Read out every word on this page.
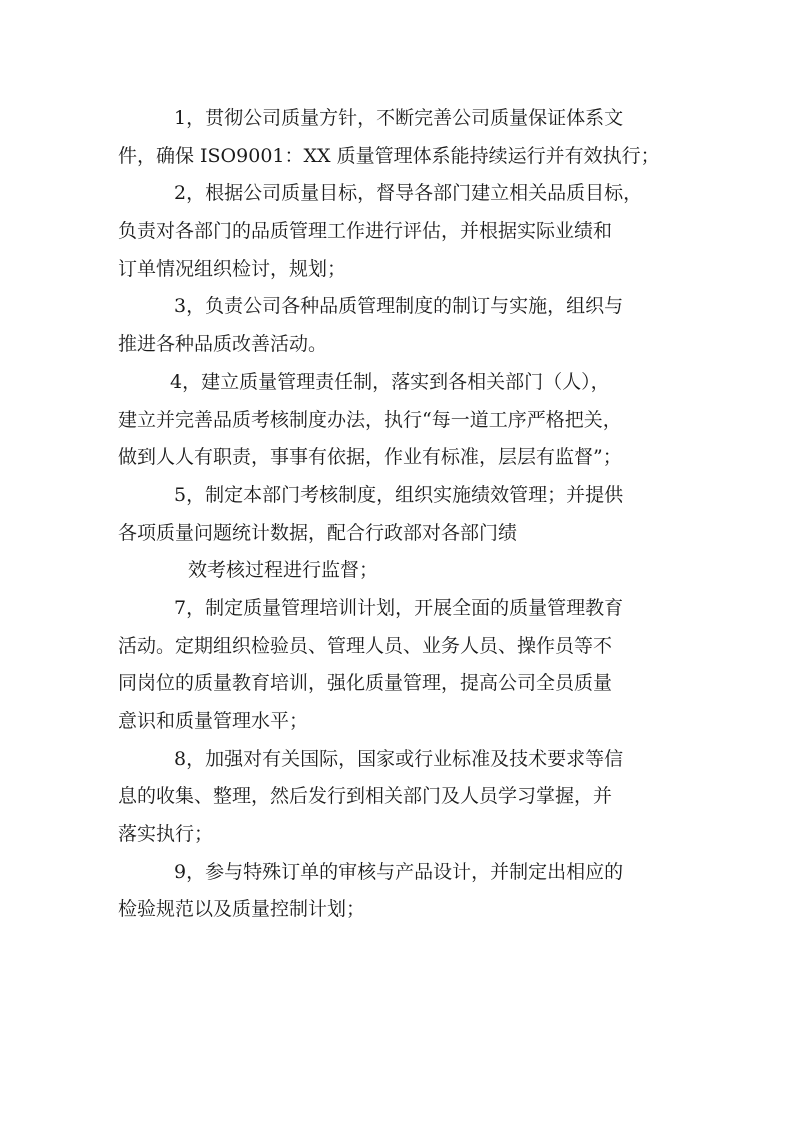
1，贯彻公司质量方针，不断完善公司质量保证体系文
件，确保 ISO9001：XX 质量管理体系能持续运行并有效执行；
2，根据公司质量目标，督导各部门建立相关品质目标，
负责对各部门的品质管理工作进行评估，并根据实际业绩和
订单情况组织检讨，规划；
3，负责公司各种品质管理制度的制订与实施，组织与
推进各种品质改善活动。
4，建立质量管理责任制，落实到各相关部门（人），
建立并完善品质考核制度办法，执行“每一道工序严格把关，
做到人人有职责，事事有依据，作业有标准，层层有监督”；
5，制定本部门考核制度，组织实施绩效管理；并提供
各项质量问题统计数据，配合行政部对各部门绩
效考核过程进行监督；
7，制定质量管理培训计划，开展全面的质量管理教育
活动。定期组织检验员、管理人员、业务人员、操作员等不
同岗位的质量教育培训，强化质量管理，提高公司全员质量
意识和质量管理水平；
8，加强对有关国际，国家或行业标准及技术要求等信
息的收集、整理，然后发行到相关部门及人员学习掌握，并
落实执行；
9，参与特殊订单的审核与产品设计，并制定出相应的
检验规范以及质量控制计划；
